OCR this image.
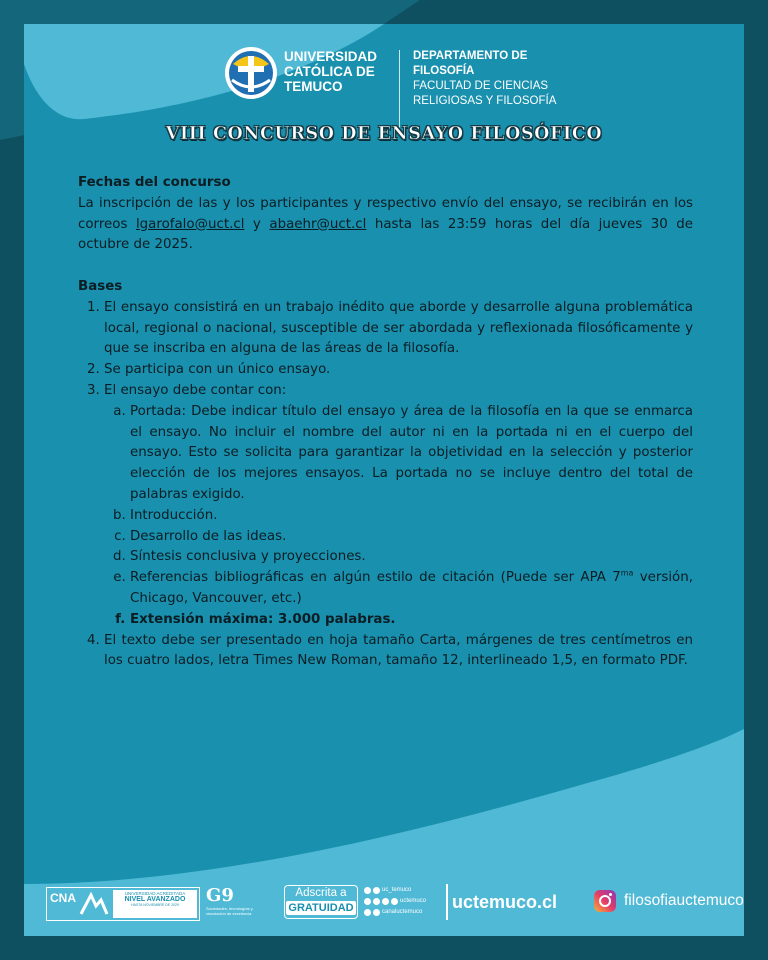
UNIVERSIDAD
CATÓLICA DE
TEMUCO
DEPARTAMENTO DE
FILOSOFÍA
FACULTAD DE CIENCIAS
RELIGIOSAS Y FILOSOFÍA
VIII CONCURSO DE ENSAYO FILOSÓFICO
Fechas del concurso

La inscripción de las y los participantes y respectivo envío del ensayo, se recibirán en los correos lgarofalo@uct.cl y abaehr@uct.cl hasta las 23:59 horas del día jueves 30 de octubre de 2025.

Bases
1. El ensayo consistirá en un trabajo inédito que aborde y desarrolle alguna problemática local, regional o nacional, susceptible de ser abordada y reflexionada filosóficamente y que se inscriba en alguna de las áreas de la filosofía.
2. Se participa con un único ensayo.
3. El ensayo debe contar con:
a. Portada: Debe indicar título del ensayo y área de la filosofía en la que se enmarca el ensayo. No incluir el nombre del autor ni en la portada ni en el cuerpo del ensayo. Esto se solicita para garantizar la objetividad en la selección y posterior elección de los mejores ensayos. La portada no se incluye dentro del total de palabras exigido.
b. Introducción.
c. Desarrollo de las ideas.
d. Síntesis conclusiva y proyecciones.
e. Referencias bibliográficas en algún estilo de citación (Puede ser APA $7^{ma}$ versión, Chicago, Vancouver, etc.)
f. Extensión máxima: 3.000 palabras.
4. El texto debe ser presentado en hoja tamaño Carta, márgenes de tres centímetros en los cuatro lados, letra Times New Roman, tamaño 12, interlineado 1,5, en formato PDF.
CNA	UNIVERSIDAD ACREDITADA
NIVEL AVANZADO
HASTA NOVIEMBRE DE 2029	G9
Sociedades, tecnologías y vinculación de excelencia
Adscrita a
GRATUIDAD
uc_temuco
uctemuco
canaluctemuco uctemuco.cl	filosofiauctemuco
